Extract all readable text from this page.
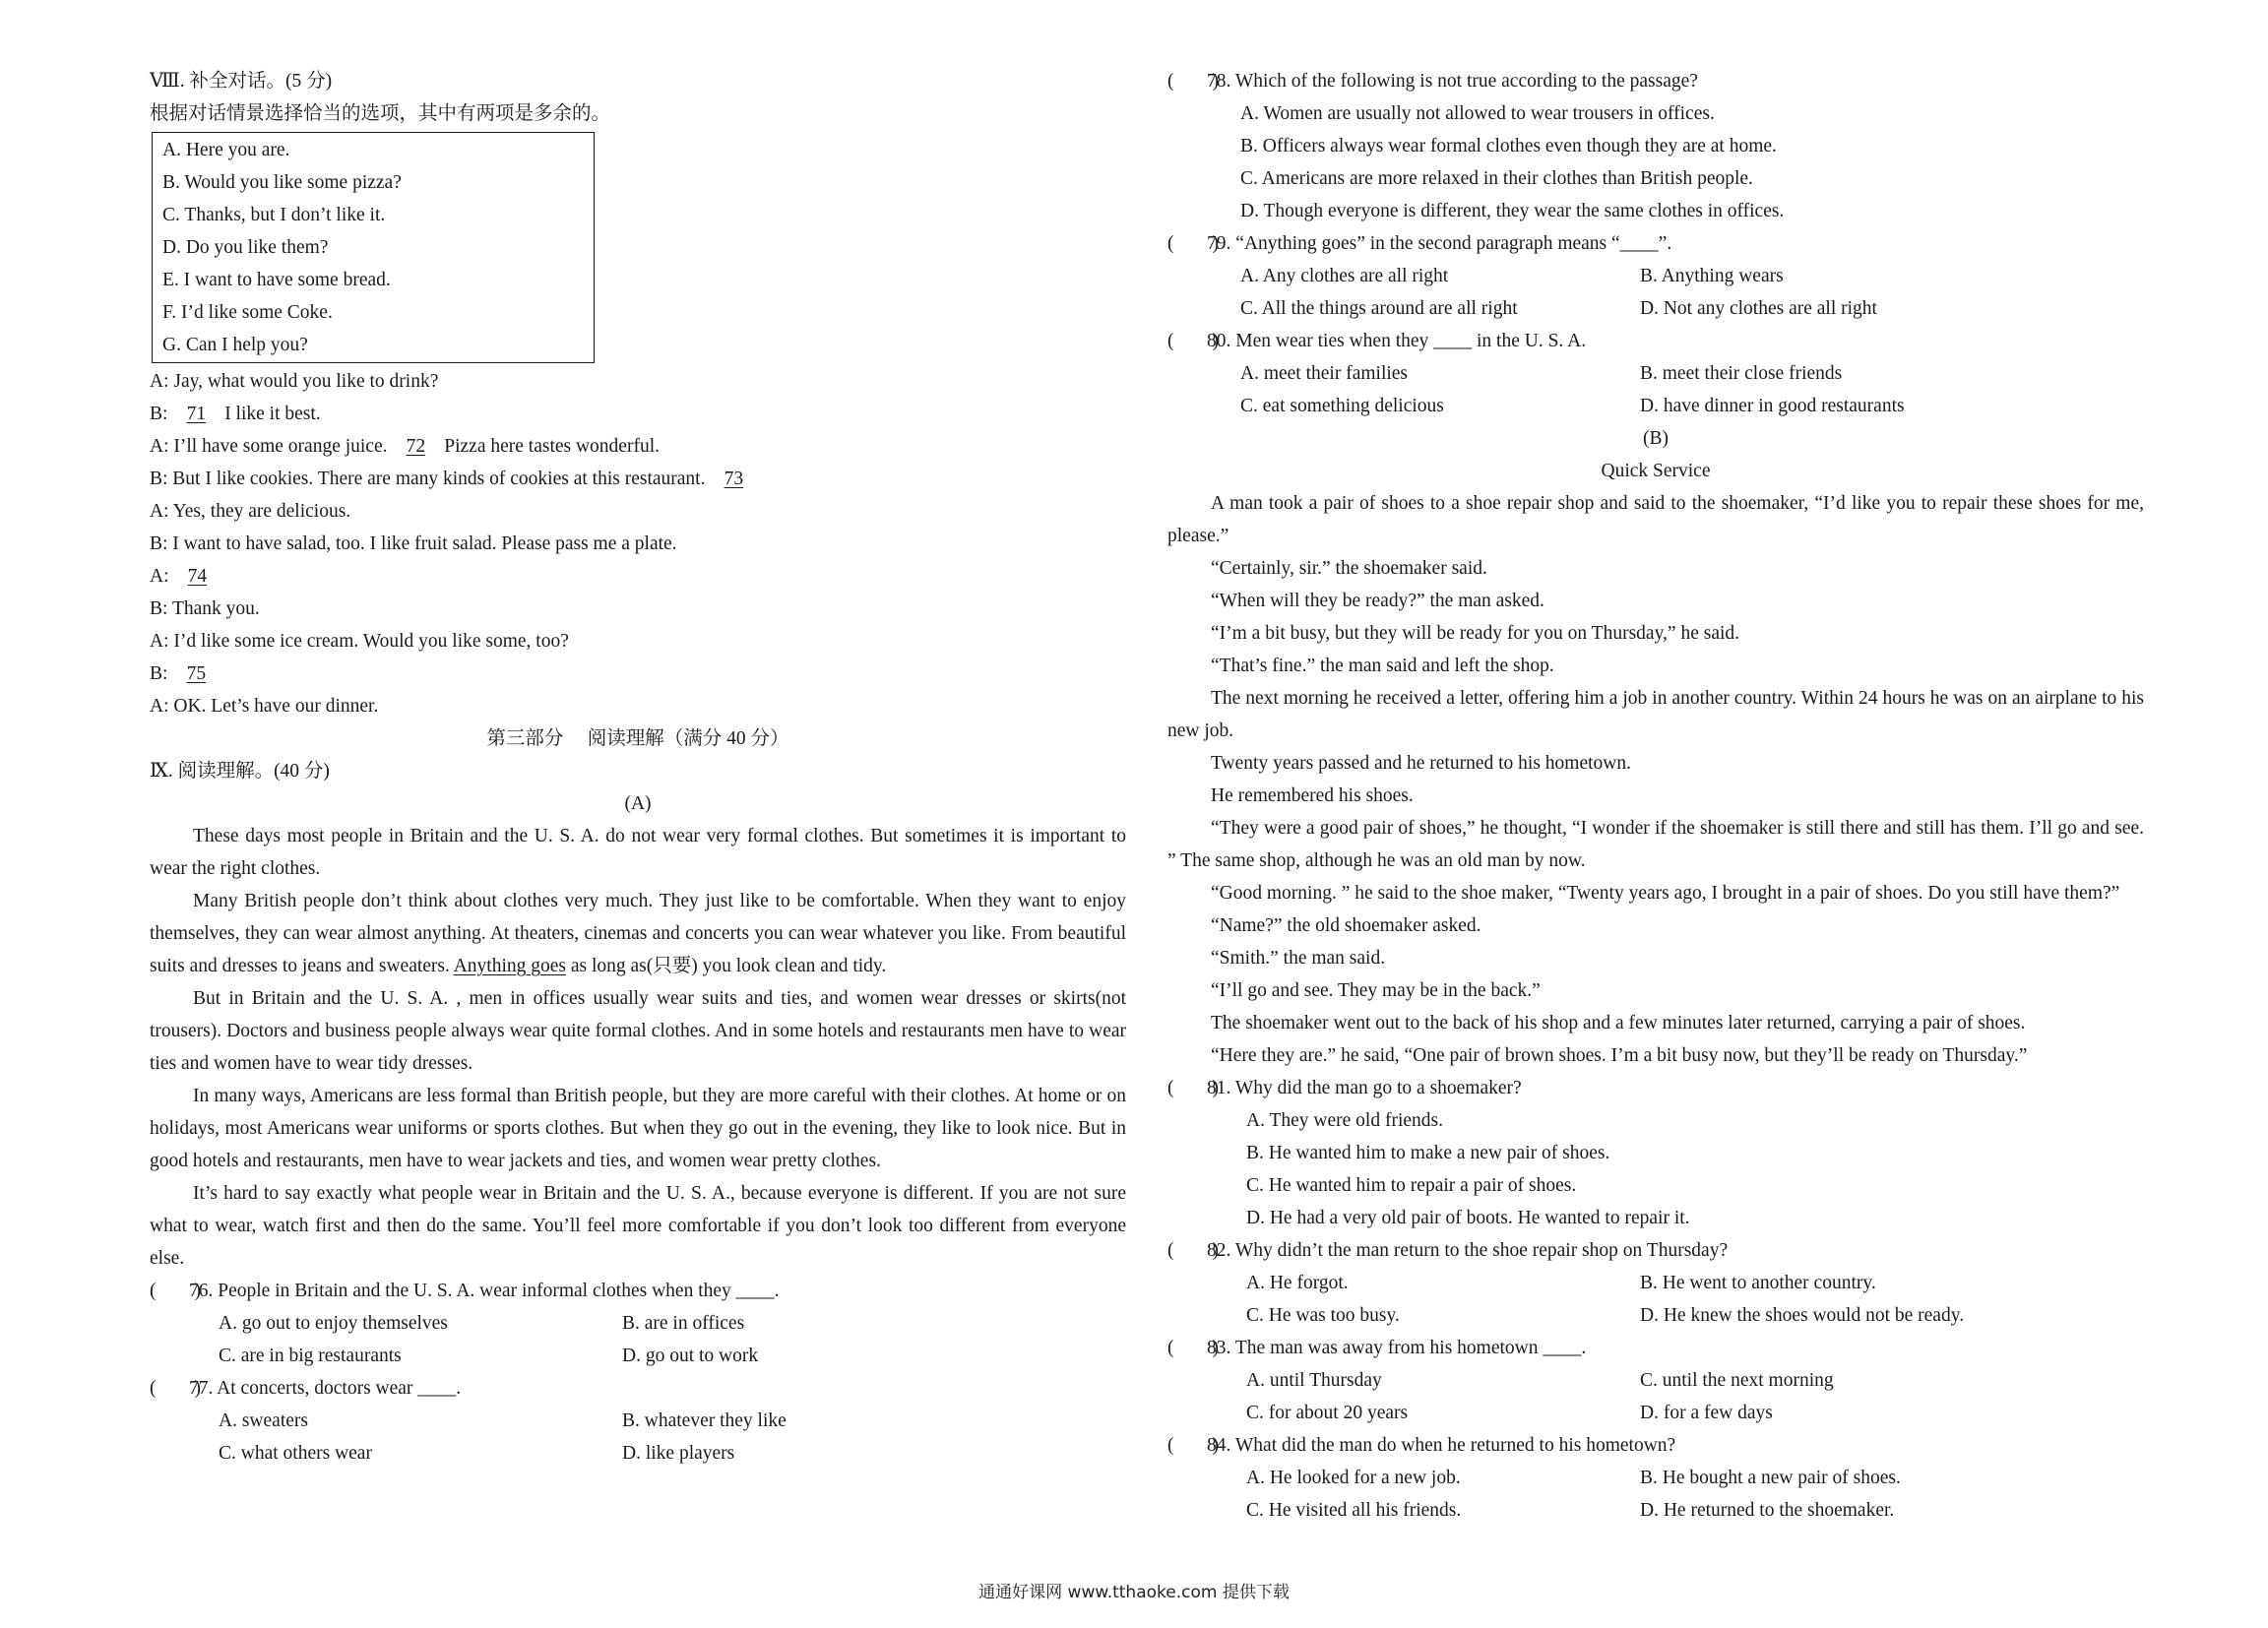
Ⅷ. 补全对话。(5 分)
根据对话情景选择恰当的选项，其中有两项是多余的。
A. Here you are.
B. Would you like some pizza?
C. Thanks, but I don’t like it.
D. Do you like them?
E. I want to have some bread.
F. I’d like some Coke.
G. Can I help you?
A: Jay, what would you like to drink?
B: 71 I like it best.
A: I’ll have some orange juice. 72 Pizza here tastes wonderful.
B: But I like cookies. There are many kinds of cookies at this restaurant. 73
A: Yes, they are delicious.
B: I want to have salad, too. I like fruit salad. Please pass me a plate.
A: 74
B: Thank you.
A: I’d like some ice cream. Would you like some, too?
B: 75
A: OK. Let’s have our dinner.
第三部分　 阅读理解（满分 40 分）
Ⅸ. 阅读理解。(40 分)
(A)
These days most people in Britain and the U. S. A. do not wear very formal clothes. But sometimes it is important to wear the right clothes.
Many British people don’t think about clothes very much. They just like to be comfortable. When they want to enjoy themselves, they can wear almost anything. At theaters, cinemas and concerts you can wear whatever you like. From beautiful suits and dresses to jeans and sweaters. Anything goes as long as(只要) you look clean and tidy.
But in Britain and the U. S. A. , men in offices usually wear suits and ties, and women wear dresses or skirts(not trousers). Doctors and business people always wear quite formal clothes. And in some hotels and restaurants men have to wear ties and women have to wear tidy dresses.
In many ways, Americans are less formal than British people, but they are more careful with their clothes. At home or on holidays, most Americans wear uniforms or sports clothes. But when they go out in the evening, they like to look nice. But in good hotels and restaurants, men have to wear jackets and ties, and women wear pretty clothes.
It’s hard to say exactly what people wear in Britain and the U. S. A., because everyone is different. If you are not sure what to wear, watch first and then do the same. You’ll feel more comfortable if you don’t look too different from everyone else.
(　　)76. People in Britain and the U. S. A. wear informal clothes when they ____.
A. go out to enjoy themselves	B. are in offices
C. are in big restaurants	D. go out to work
(　　)77. At concerts, doctors wear ____.
A. sweaters	B. whatever they like
C. what others wear	D. like players
(　　)78. Which of the following is not true according to the passage?
A. Women are usually not allowed to wear trousers in offices.
B. Officers always wear formal clothes even though they are at home.
C. Americans are more relaxed in their clothes than British people.
D. Though everyone is different, they wear the same clothes in offices.
(　　)79. “Anything goes” in the second paragraph means “____”.
A. Any clothes are all right	B. Anything wears
C. All the things around are all right	D. Not any clothes are all right
(　　)80. Men wear ties when they ____ in the U. S. A.
A. meet their families	B. meet their close friends
C. eat something delicious	D. have dinner in good restaurants
(B)
Quick Service
A man took a pair of shoes to a shoe repair shop and said to the shoemaker, “I’d like you to repair these shoes for me, please.”
“Certainly, sir.” the shoemaker said.
“When will they be ready?” the man asked.
“I’m a bit busy, but they will be ready for you on Thursday,” he said.
“That’s fine.” the man said and left the shop.
The next morning he received a letter, offering him a job in another country. Within 24 hours he was on an airplane to his new job.
Twenty years passed and he returned to his hometown.
He remembered his shoes.
“They were a good pair of shoes,” he thought, “I wonder if the shoemaker is still there and still has them. I’ll go and see. ” The same shop, although he was an old man by now.
“Good morning. ” he said to the shoe maker, “Twenty years ago, I brought in a pair of shoes. Do you still have them?”
“Name?” the old shoemaker asked.
“Smith.” the man said.
“I’ll go and see. They may be in the back.”
The shoemaker went out to the back of his shop and a few minutes later returned, carrying a pair of shoes.
“Here they are.” he said, “One pair of brown shoes. I’m a bit busy now, but they’ll be ready on Thursday.”
(　　)81. Why did the man go to a shoemaker?
A. They were old friends.
B. He wanted him to make a new pair of shoes.
C. He wanted him to repair a pair of shoes.
D. He had a very old pair of boots. He wanted to repair it.
(　　)82. Why didn’t the man return to the shoe repair shop on Thursday?
A. He forgot.	B. He went to another country.
C. He was too busy.	D. He knew the shoes would not be ready.
(　　)83. The man was away from his hometown ____.
A. until Thursday	C. until the next morning
C. for about 20 years	D. for a few days
(　　)84. What did the man do when he returned to his hometown?
A. He looked for a new job.	B. He bought a new pair of shoes.
C. He visited all his friends.	D. He returned to the shoemaker.
通通好课网 www.tthaoke.com 提供下载
